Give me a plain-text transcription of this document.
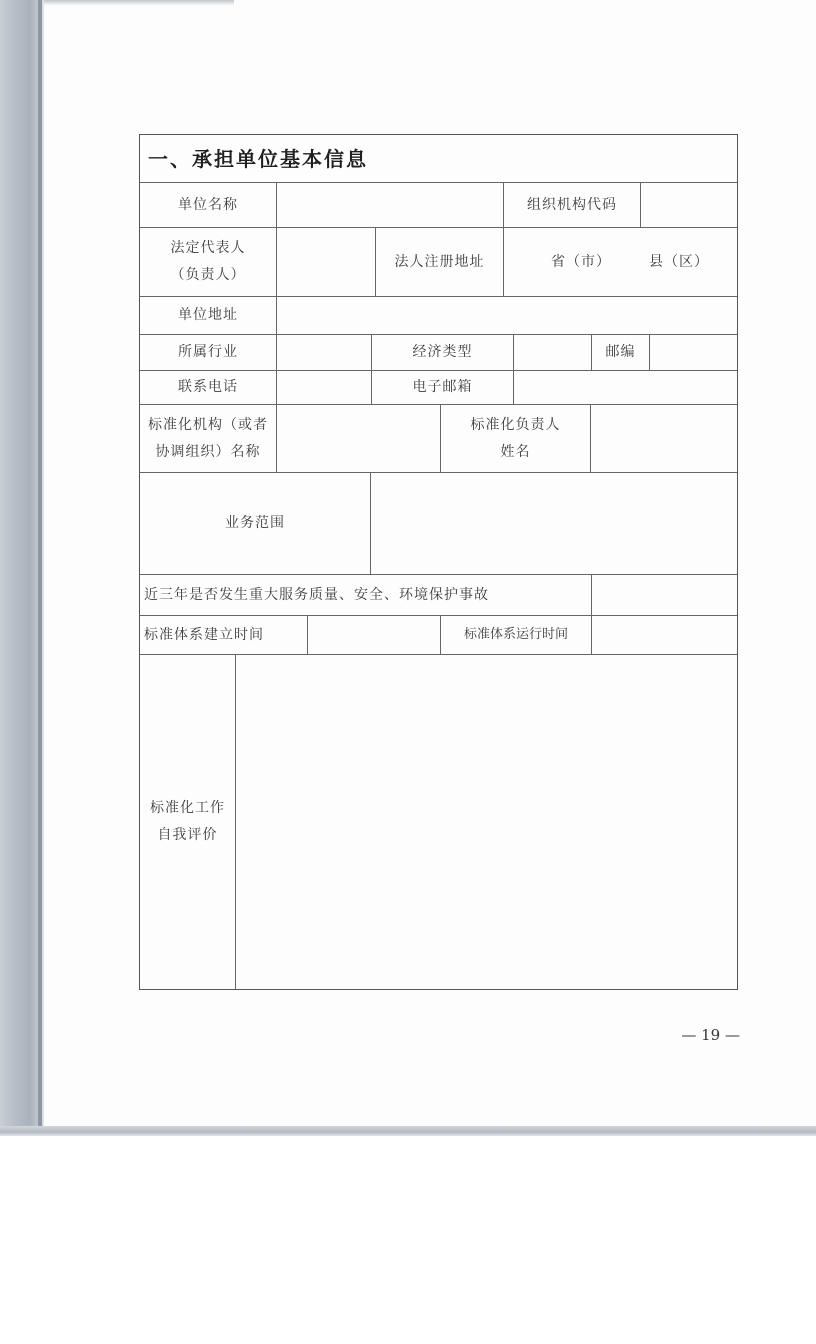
一、承担单位基本信息
单位名称	组织机构代码
法定代表人
（负责人）
法人注册地址	省（市）	县（区）
单位地址
所属行业	经济类型	邮编
联系电话	电子邮箱
标准化机构（或者
协调组织）名称
标准化负责人
姓名
业务范围
近三年是否发生重大服务质量、安全、环境保护事故
标准体系建立时间	标准体系运行时间
标准化工作
自我评价
— 19 —
